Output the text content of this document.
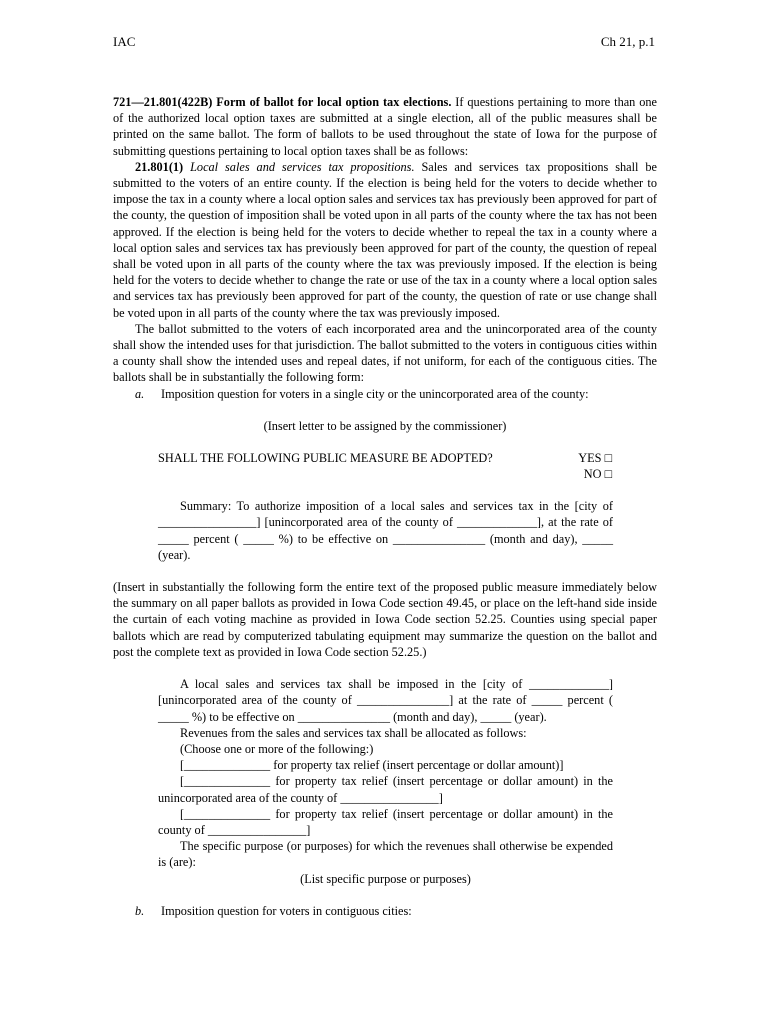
IAC	Ch 21, p.1

721—21.801(422B) Form of ballot for local option tax elections. If questions pertaining to more than one of the authorized local option taxes are submitted at a single election, all of the public measures shall be printed on the same ballot. The form of ballots to be used throughout the state of Iowa for the purpose of submitting questions pertaining to local option taxes shall be as follows:

21.801(1) Local sales and services tax propositions. Sales and services tax propositions shall be submitted to the voters of an entire county. If the election is being held for the voters to decide whether to impose the tax in a county where a local option sales and services tax has previously been approved for part of the county, the question of imposition shall be voted upon in all parts of the county where the tax has not been approved. If the election is being held for the voters to decide whether to repeal the tax in a county where a local option sales and services tax has previously been approved for part of the county, the question of repeal shall be voted upon in all parts of the county where the tax was previously imposed. If the election is being held for the voters to decide whether to change the rate or use of the tax in a county where a local option sales and services tax has previously been approved for part of the county, the question of rate or use change shall be voted upon in all parts of the county where the tax was previously imposed.

The ballot submitted to the voters of each incorporated area and the unincorporated area of the county shall show the intended uses for that jurisdiction. The ballot submitted to the voters in contiguous cities within a county shall show the intended uses and repeal dates, if not uniform, for each of the contiguous cities. The ballots shall be in substantially the following form:

a. Imposition question for voters in a single city or the unincorporated area of the county:

(Insert letter to be assigned by the commissioner)

SHALL THE FOLLOWING PUBLIC MEASURE BE ADOPTED?	YES □
NO □

Summary: To authorize imposition of a local sales and services tax in the [city of ________________] [unincorporated area of the county of _____________], at the rate of _____ percent ( _____ %) to be effective on _______________ (month and day), _____ (year).

(Insert in substantially the following form the entire text of the proposed public measure immediately below the summary on all paper ballots as provided in Iowa Code section 49.45, or place on the left-hand side inside the curtain of each voting machine as provided in Iowa Code section 52.25. Counties using special paper ballots which are read by computerized tabulating equipment may summarize the question on the ballot and post the complete text as provided in Iowa Code section 52.25.)

A local sales and services tax shall be imposed in the [city of _____________] [unincorporated area of the county of _______________] at the rate of _____ percent ( _____ %) to be effective on _______________ (month and day), _____ (year).

Revenues from the sales and services tax shall be allocated as follows:

(Choose one or more of the following:)

[______________ for property tax relief (insert percentage or dollar amount)]

[______________ for property tax relief (insert percentage or dollar amount) in the unincorporated area of the county of ________________]

[______________ for property tax relief (insert percentage or dollar amount) in the county of ________________]

The specific purpose (or purposes) for which the revenues shall otherwise be expended is (are):

(List specific purpose or purposes)

b. Imposition question for voters in contiguous cities:
